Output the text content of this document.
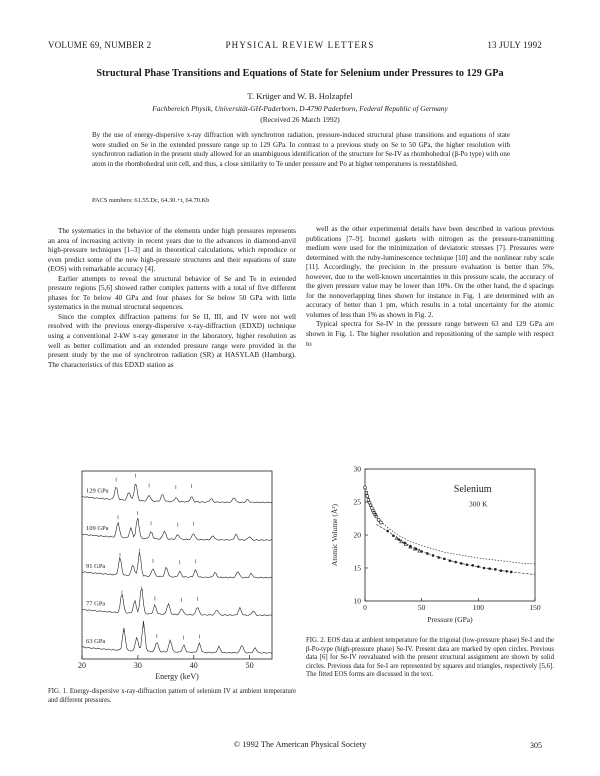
VOLUME 69, NUMBER 2	PHYSICAL REVIEW LETTERS	13 JULY 1992
Structural Phase Transitions and Equations of State for Selenium under Pressures to 129 GPa
T. Krüger and W. B. Holzapfel
Fachbereich Physik, Universität-GH-Paderborn, D-4790 Paderborn, Federal Republic of Germany
(Received 26 March 1992)
By the use of energy-dispersive x-ray diffraction with synchrotron radiation, pressure-induced structural phase transitions and equations of state were studied on Se in the extended pressure range up to 129 GPa. In contrast to a previous study on Se to 50 GPa, the higher resolution with synchrotron radiation in the present study allowed for an unambiguous identification of the structure for Se-IV as rhombohedral (β-Po type) with one atom in the rhombohedral unit cell, and thus, a close similarity to Te under pressure and Po at higher temperatures is reestablished.
PACS numbers: 61.55.Dc, 64.30.+t, 64.70.Kb

The systematics in the behavior of the elements under high pressures represents an area of increasing activity in recent years due to the advances in diamond-anvil high-pressure techniques [1–3] and in theoretical calculations, which reproduce or even predict some of the new high-pressure structures and their equations of state (EOS) with remarkable accuracy [4].

Earlier attempts to reveal the structural behavior of Se and Te in extended pressure regions [5,6] showed rather complex patterns with a total of five different phases for Te below 40 GPa and four phases for Se below 50 GPa with little systematics in the mutual structural sequences.

Since the complex diffraction patterns for Se II, III, and IV were not well resolved with the previous energy-dispersive x-ray-diffraction (EDXD) technique using a conventional 2-kW x-ray generator in the laboratory, higher resolution as well as better collimation and an extended pressure range were provided in the present study by the use of synchrotron radiation (SR) at HASYLAB (Hamburg). The characteristics of this EDXD station as

well as the other experimental details have been described in various previous publications [7–9]. Inconel gaskets with nitrogen as the pressure-transmitting medium were used for the minimization of deviatoric stresses [7]. Pressures were determined with the ruby-luminescence technique [10] and the nonlinear ruby scale [11]. Accordingly, the precision in the pressure evaluation is better than 5%, however, due to the well-known uncertainties in this pressure scale, the accuracy of the given pressure value may be lower than 10%. On the other hand, the d spacings for the nonoverlapping lines shown for instance in Fig. 1 are determined with an accuracy of better than 1 pm, which results in a total uncertainty for the atomic volumes of less than 1% as shown in Fig. 2.

Typical spectra for Se-IV in the pressure range between 63 and 129 GPa are shown in Fig. 1. The higher resolution and repositioning of the sample with respect to

129 GPa
109 GPa
91 GPa
77 GPa
63 GPa
20	30	40	50
Energy (keV)
0	50	100	150
10
15
20
25
30
Pressure (GPa)
Atomic Volume (Å³)
Selenium
300 K
FIG. 1. Energy-dispersive x-ray-diffraction pattern of selenium IV at ambient temperature and different pressures.
FIG. 2. EOS data at ambient temperature for the trigonal (low-pressure phase) Se-I and the β-Po-type (high-pressure phase) Se-IV. Present data are marked by open circles. Previous data [6] for Se-IV reevaluated with the present structural assignment are shown by solid circles. Previous data for Se-I are represented by squares and triangles, respectively [5,6]. The fitted EOS forms are discussed in the text.
© 1992 The American Physical Society	305
